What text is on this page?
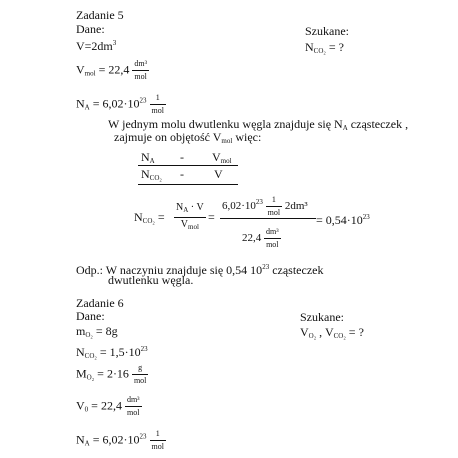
Zadanie 5
Dane:
$V=2dm^3$
Szukane:
$N_{CO_2}$ = ?
$V_{mol} = 22,4 \frac{\text{dm³}}{\text{mol}}$
$N_A = 6,02\cdot 10^{23} \frac{1}{\text{mol}}$
W jednym molu dwutlenku węgla znajduje się $N_A$ cząsteczek ,
zajmuje on objętość $V_{mol}$ więc:
$N_A - V_{mol}$
$N_{CO_2}$ -	V
$N_{CO_2} = \frac{N_A \cdot V}{V_{mol}}$ =
$6,02\cdot 10^{23} \frac{1}{\text{mol}} 2dm^3$
$22,4 \frac{\text{dm³}}{\text{mol}}$
= $0,54\cdot 10^{23}$
Odp.: W naczyniu znajduje się 0,54 $10^{23}$ cząsteczek
dwutlenku węgla.
Zadanie 6
Dane:	Szukane:
$V_{O_2}$ , $V_{CO_2}$ = ?
$m_{O_2} = 8g$
$N_{CO_2} = 1,5\cdot 10^{23}$
$M_{O_2} = 2\cdot 16 \frac{g}{\text{mol}}$
$V_0 = 22,4 \frac{\text{dm³}}{\text{mol}}$
$N_A = 6,02\cdot 10^{23} \frac{1}{\text{mol}}$
